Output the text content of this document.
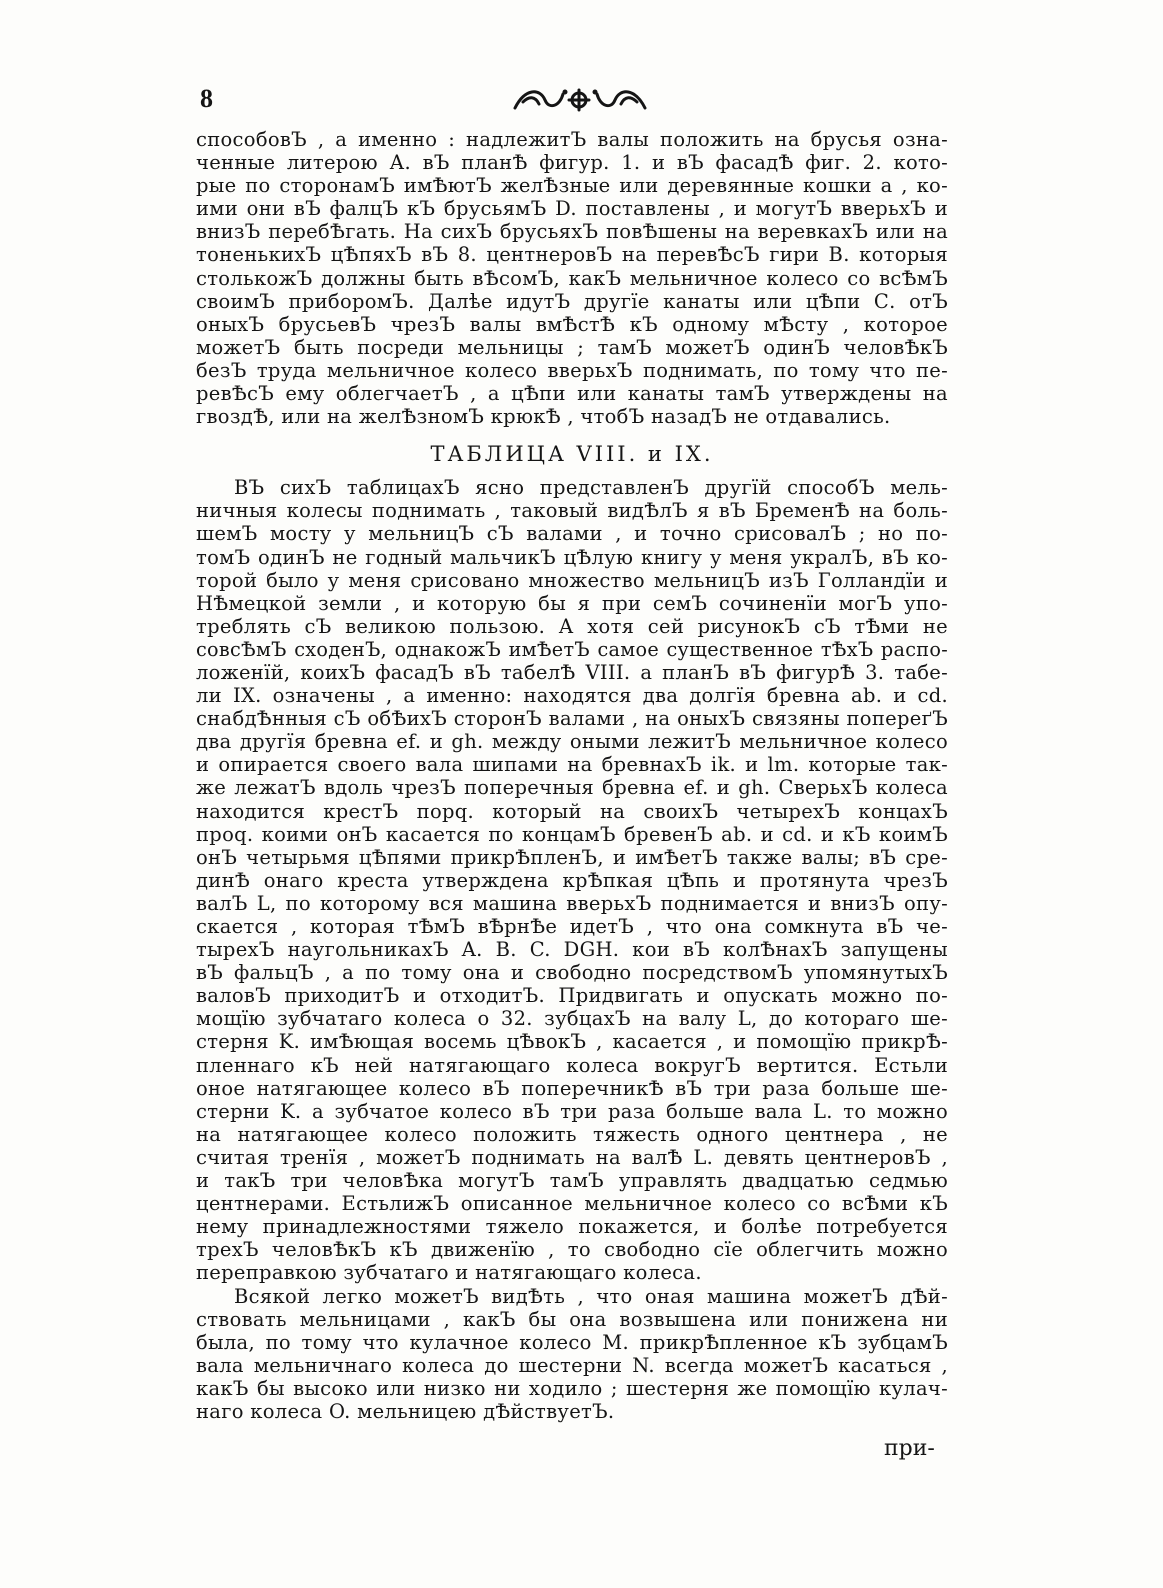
8
способовЪ , а именно : надлежитЪ валы положить на брусья озна-
ченные литерою А. вЪ планѢ фигур. 1. и вЪ фасадѢ фиг. 2. кото-
рые по сторонамЪ имѢютЪ желѢзные или деревянные кошки а , ко-
ими они вЪ фалцЪ кЪ брусьямЪ D. поставлены , и могутЪ вверьхЪ и
внизЪ перебѢгать. На сихЪ брусьяхЪ повѢшены на веревкахЪ или на
тоненькихЪ цѢпяхЪ вЪ 8. центнеровЪ на перевѢсЪ гири В. которыя
столькожЪ должны быть вѢсомЪ, какЪ мельничное колесо со всѢмЪ
своимЪ приборомЪ. Далѣе идутЪ другїе канаты или цѢпи С. отЪ
оныхЪ брусьевЪ чрезЪ валы вмѢстѢ кЪ одному мѢсту , которое
можетЪ быть посреди мельницы ; тамЪ можетЪ одинЪ человѢкЪ
безЪ труда мельничное колесо вверьхЪ поднимать, по тому что пе-
ревѢсЪ ему облегчаетЪ , а цѢпи или канаты тамЪ утверждены на
гвоздѢ, или на желѢзномЪ крюкѢ , чтобЪ назадЪ не отдавались.
ТАБЛИЦА VIII. и IX.
ВЪ сихЪ таблицахЪ ясно представленЪ другїй способЪ мель-
ничныя колесы поднимать , таковый видѢлЪ я вЪ БременѢ на боль-
шемЪ мосту у мельницЪ сЪ валами , и точно срисовалЪ ; но по-
томЪ одинЪ не годный мальчикЪ цѢлую книгу у меня укралЪ, вЪ ко-
торой было у меня срисовано множество мельницЪ изЪ Голландїи и
НѢмецкой земли , и которую бы я при семЪ сочиненїи могЪ упо-
треблять сЪ великою пользою. А хотя сей рисунокЪ сЪ тѢми не
совсѢмЪ сходенЪ, однакожЪ имѢетЪ самое существенное тѢхЪ распо-
ложенїй, коихЪ фасадЪ вЪ табелѢ VIII. а планЪ вЪ фигурѢ 3. табе-
ли IX. означены , а именно: находятся два долгїя бревна ab. и cd.
снабдѢнныя сЪ обѢихЪ сторонЪ валами , на оныхЪ связяны попереґЪ
два другїя бревна ef. и gh. между оными лежитЪ мельничное колесо
и опирается своего вала шипами на бревнахЪ ik. и lm. которые так-
же лежатЪ вдоль чрезЪ поперечныя бревна ef. и gh. СверьхЪ колеса
находится крестЪ порq. который на своихЪ четырехЪ концахЪ
проq. коими онЪ касается по концамЪ бревенЪ ab. и cd. и кЪ коимЪ
онЪ четырьмя цѢпями прикрѢпленЪ, и имѢетЪ также валы; вЪ сре-
динѢ онаго креста утверждена крѢпкая цѢпь и протянута чрезЪ
валЪ L, по которому вся машина вверьхЪ поднимается и внизЪ опу-
скается , которая тѢмЪ вѢрнѢе идетЪ , что она сомкнута вЪ че-
тырехЪ наугольникахЪ A. B. C. DGH. кои вЪ колѢнахЪ запущены
вЪ фальцЪ , а по тому она и свободно посредствомЪ упомянутыхЪ
валовЪ приходитЪ и отходитЪ. Придвигать и опускать можно по-
мощїю зубчатаго колеса о 32. зубцахЪ на валу L, до котораго ше-
стерня K. имѢющая восемь цѢвокЪ , касается , и помощїю прикрѢ-
пленнаго кЪ ней натягающаго колеса вокругЪ вертится. Естьли
оное натягающее колесо вЪ поперечникѢ вЪ три раза больше ше-
стерни K. а зубчатое колесо вЪ три раза больше вала L. то можно
на натягающее колесо положить тяжесть одного центнера , не
считая тренїя , можетЪ поднимать на валѢ L. девять центнеровЪ ,
и такЪ три человѢка могутЪ тамЪ управлять двадцатью седмью
центнерами. ЕстьлижЪ описанное мельничное колесо со всѢми кЪ
нему принадлежностями тяжело покажется, и болѣе потребуется
трехЪ человѢкЪ кЪ движенїю , то свободно сїе облегчить можно
переправкою зубчатаго и натягающаго колеса.
Всякой легко можетЪ видѢть , что оная машина можетЪ дѢй-
ствовать мельницами , какЪ бы она возвышена или понижена ни
была, по тому что кулачное колесо M. прикрѢпленное кЪ зубцамЪ
вала мельничнаго колеса до шестерни N. всегда можетЪ касаться ,
какЪ бы высоко или низко ни ходило ; шестерня же помощїю кулач-
наго колеса O. мельницею дѢйствуетЪ.
при-
